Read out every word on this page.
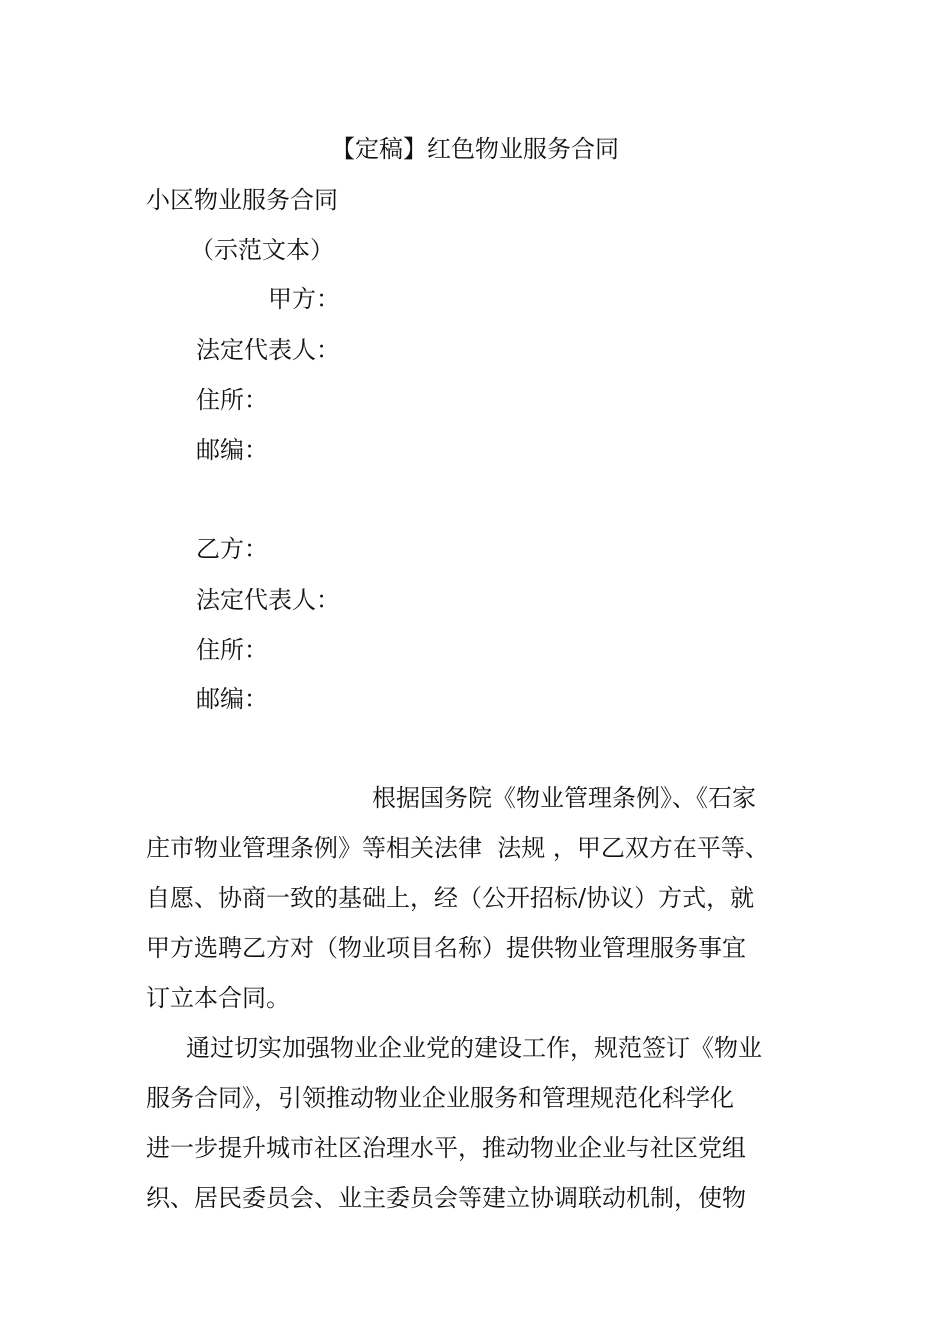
【定稿】红色物业服务合同
小区物业服务合同
（示范文本）
甲方：
法定代表人：
住所：
邮编：
乙方：
法定代表人：
住所：
邮编：
根据国务院《物业管理条例》、《石家
庄市物业管理条例》等相关法律  法规 ，甲乙双方在平等、
自愿、协商一致的基础上，经（公开招标/协议）方式，就
甲方选聘乙方对（物业项目名称）提供物业管理服务事宜
订立本合同。
通过切实加强物业企业党的建设工作，规范签订《物业
服务合同》，引领推动物业企业服务和管理规范化科学化
进一步提升城市社区治理水平，推动物业企业与社区党组
织、居民委员会、业主委员会等建立协调联动机制，使物
